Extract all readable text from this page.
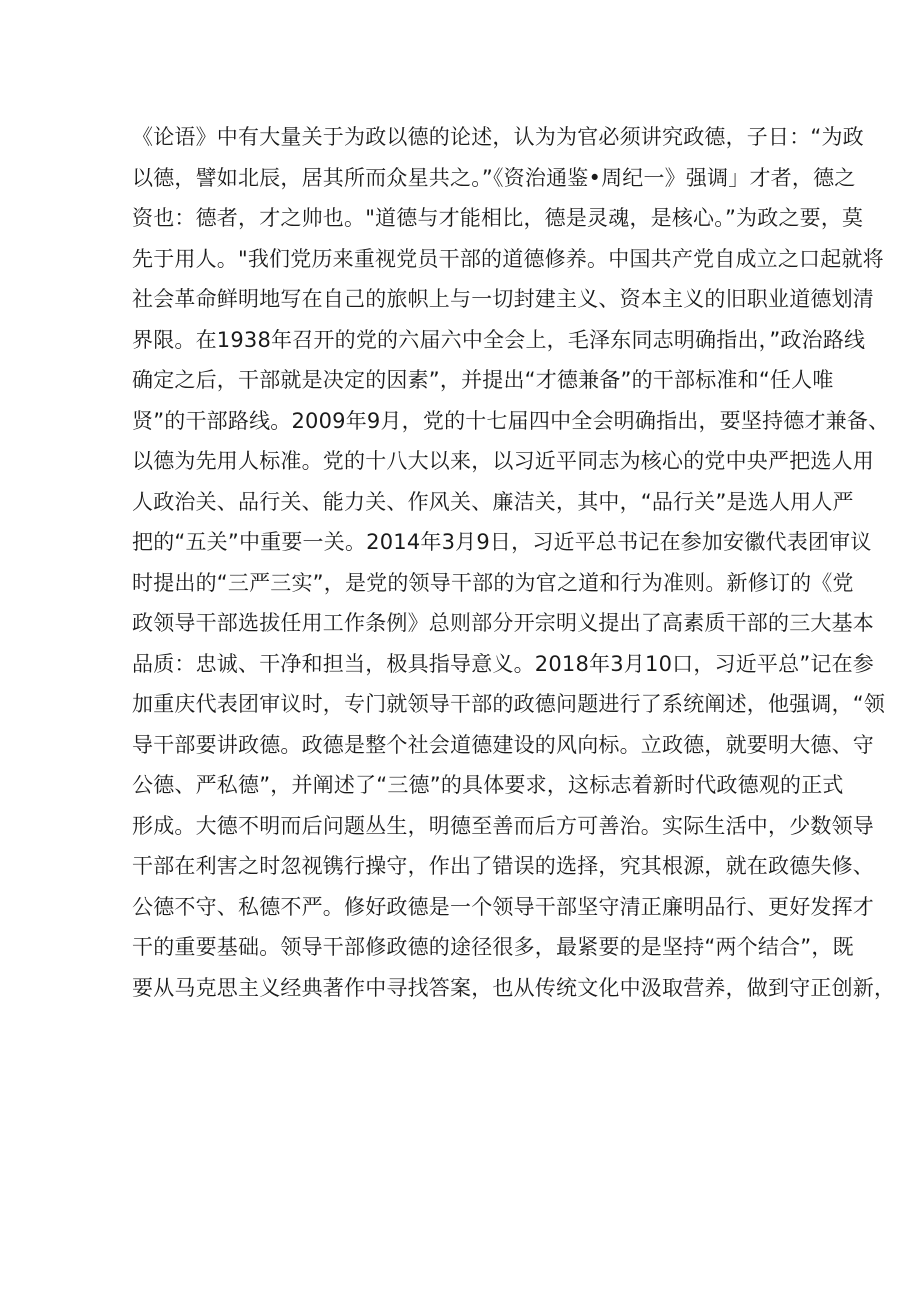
《论语》中有大量关于为政以德的论述，认为为官必须讲究政德，子日：“为政
以德，譬如北辰，居其所而众星共之。”《资治通鉴•周纪一》强调」才者，德之
资也：德者，才之帅也。"道德与才能相比，德是灵魂，是核心。”为政之要，莫
先于用人。"我们党历来重视党员干部的道德修养。中国共产党自成立之口起就将
社会革命鲜明地写在自己的旅帜上与一切封建主义、资本主义的旧职业道德划清
界限。在1938年召开的党的六届六中全会上，毛泽东同志明确指出，”政治路线
确定之后，干部就是决定的因素”，并提出“才德兼备”的干部标准和“任人唯
贤”的干部路线。2009年9月，党的十七届四中全会明确指出，要坚持德才兼备、
以德为先用人标准。党的十八大以来，以习近平同志为核心的党中央严把选人用
人政治关、品行关、能力关、作风关、廉洁关，其中，“品行关”是选人用人严
把的“五关”中重要一关。2014年3月9日，习近平总书记在参加安徽代表团审议
时提出的“三严三实”，是党的领导干部的为官之道和行为准则。新修订的《党
政领导干部选拔任用工作条例》总则部分开宗明义提出了高素质干部的三大基本
品质：忠诚、干净和担当，极具指导意义。2018年3月10口，习近平总”记在参
加重庆代表团审议时，专门就领导干部的政德问题进行了系统阐述，他强调，“领
导干部要讲政德。政德是整个社会道德建设的风向标。立政德，就要明大德、守
公德、严私德”，并阐述了“三德”的具体要求，这标志着新时代政德观的正式
形成。大德不明而后问题丛生，明德至善而后方可善治。实际生活中，少数领导
干部在利害之时忽视镌行操守，作出了错误的选择，究其根源，就在政德失修、
公德不守、私德不严。修好政德是一个领导干部坚守清正廉明品行、更好发挥才
干的重要基础。领导干部修政德的途径很多，最紧要的是坚持“两个结合”，既
要从马克思主义经典著作中寻找答案，也从传统文化中汲取营养，做到守正创新，
